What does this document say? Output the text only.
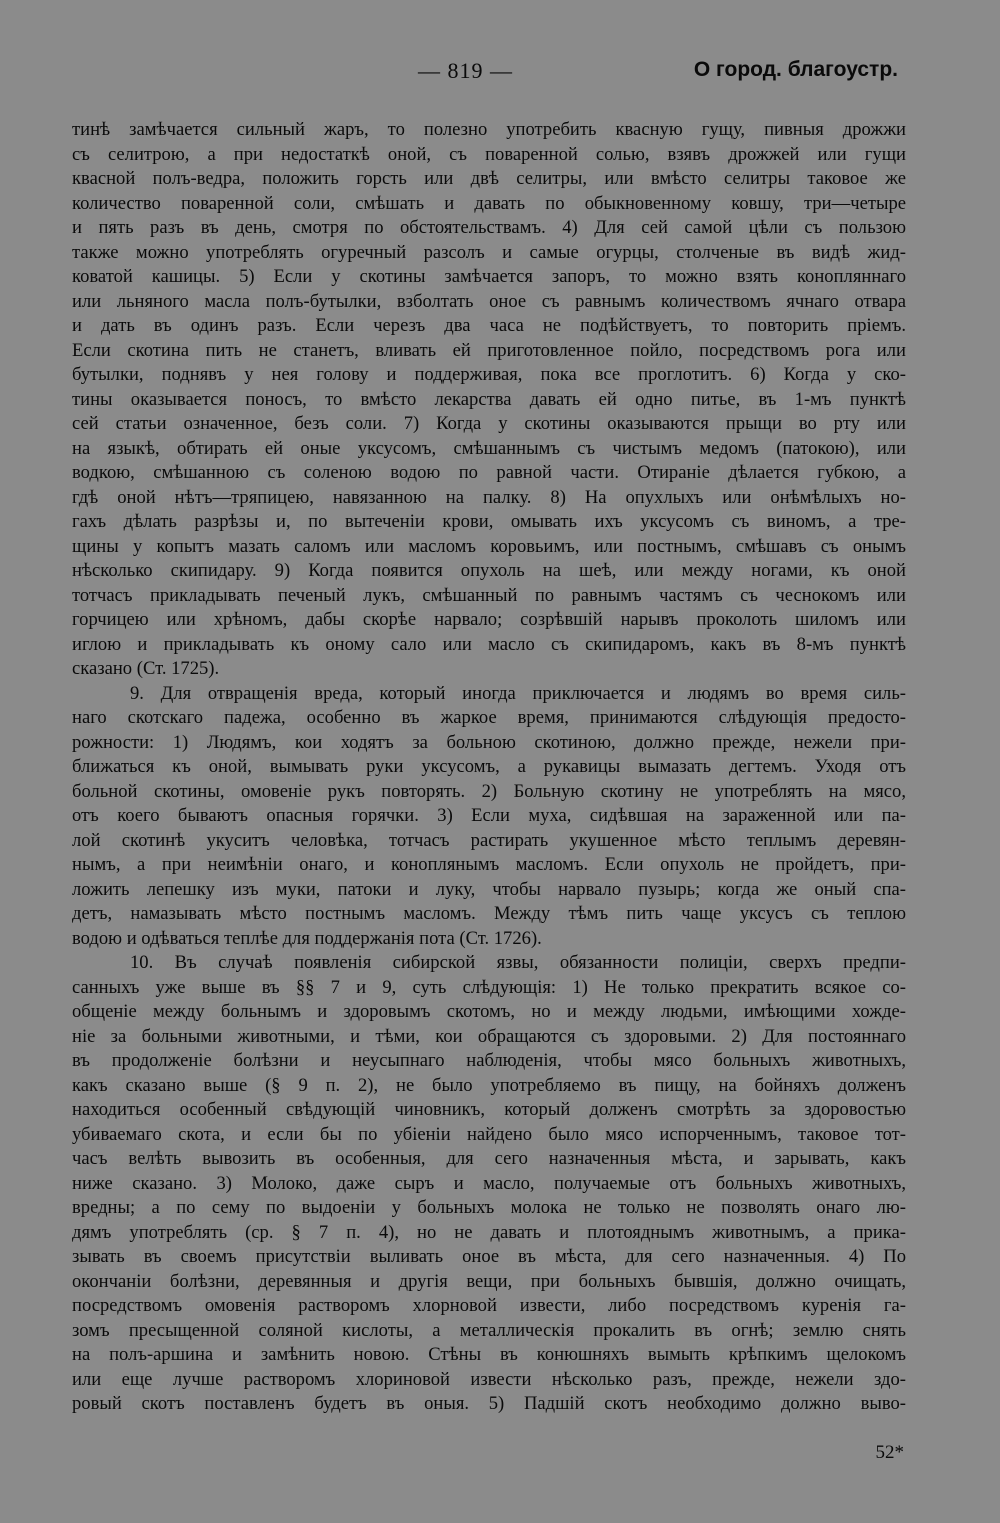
— 819 —	О город. благоустр.
тинѣ замѣчается сильный жаръ, то полезно употребить квасную гущу, пивныя дрожжи
съ селитрою, а при недостаткѣ оной, съ поваренной солью, взявъ дрожжей или гущи
квасной полъ-ведра, положить горсть или двѣ селитры, или вмѣсто селитры таковое же
количество поваренной соли, смѣшать и давать по обыкновенному ковшу, три—четыре
и пять разъ въ день, смотря по обстоятельствамъ. 4) Для сей самой цѣли съ пользою
также можно употреблять огуречный разсолъ и самые огурцы, столченые въ видѣ жид-
коватой кашицы. 5) Если у скотины замѣчается запоръ, то можно взять конопляннаго
или льняного масла полъ-бутылки, взболтать оное съ равнымъ количествомъ ячнаго отвара
и дать въ одинъ разъ. Если черезъ два часа не подѣйствуетъ, то повторить пріемъ.
Если скотина пить не станетъ, вливать ей приготовленное пойло, посредствомъ рога или
бутылки, поднявъ у нея голову и поддерживая, пока все проглотитъ. 6) Когда у ско-
тины оказывается поносъ, то вмѣсто лекарства давать ей одно питье, въ 1-мъ пунктѣ
сей статьи означенное, безъ соли. 7) Когда у скотины оказываются прыщи во рту или
на языкѣ, обтирать ей оные уксусомъ, смѣшаннымъ съ чистымъ медомъ (патокою), или
водкою, смѣшанною съ соленою водою по равной части. Отираніе дѣлается губкою, а
гдѣ оной нѣтъ—тряпицею, навязанною на палку. 8) На опухлыхъ или онѣмѣлыхъ но-
гахъ дѣлать разрѣзы и, по вытеченіи крови, омывать ихъ уксусомъ съ виномъ, а тре-
щины у копытъ мазать саломъ или масломъ коровьимъ, или постнымъ, смѣшавъ съ онымъ
нѣсколько скипидару. 9) Когда появится опухоль на шеѣ, или между ногами, къ оной
тотчасъ прикладывать печеный лукъ, смѣшанный по равнымъ частямъ съ чеснокомъ или
горчицею или хрѣномъ, дабы скорѣе нарвало; созрѣвшій нарывъ проколоть шиломъ или
иглою и прикладывать къ оному сало или масло съ скипидаромъ, какъ въ 8-мъ пунктѣ
сказано (Ст. 1725).
9. Для отвращенія вреда, который иногда приключается и людямъ во время силь-
наго скотскаго падежа, особенно въ жаркое время, принимаются слѣдующія предосто-
рожности: 1) Людямъ, кои ходятъ за больною скотиною, должно прежде, нежели при-
ближаться къ оной, вымывать руки уксусомъ, а рукавицы вымазать дегтемъ. Уходя отъ
больной скотины, омовеніе рукъ повторять. 2) Больную скотину не употреблять на мясо,
отъ коего бываютъ опасныя горячки. 3) Если муха, сидѣвшая на зараженной или па-
лой скотинѣ укуситъ человѣка, тотчасъ растирать укушенное мѣсто теплымъ деревян-
нымъ, а при неимѣніи онаго, и коноплянымъ масломъ. Если опухоль не пройдетъ, при-
ложить лепешку изъ муки, патоки и луку, чтобы нарвало пузырь; когда же оный спа-
детъ, намазывать мѣсто постнымъ масломъ. Между тѣмъ пить чаще уксусъ съ теплою
водою и одѣваться теплѣе для поддержанія пота (Ст. 1726).
10. Въ случаѣ появленія сибирской язвы, обязанности полиціи, сверхъ предпи-
санныхъ уже выше въ §§ 7 и 9, суть слѣдующія: 1) Не только прекратить всякое со-
общеніе между больнымъ и здоровымъ скотомъ, но и между людьми, имѣющими хожде-
ніе за больными животными, и тѣми, кои обращаются съ здоровыми. 2) Для постояннаго
въ продолженіе болѣзни и неусыпнаго наблюденія, чтобы мясо больныхъ животныхъ,
какъ сказано выше (§ 9 п. 2), не было употребляемо въ пищу, на бойняхъ долженъ
находиться особенный свѣдующій чиновникъ, который долженъ смотрѣть за здоровостью
убиваемаго скота, и если бы по убіеніи найдено было мясо испорченнымъ, таковое тот-
часъ велѣть вывозить въ особенныя, для сего назначенныя мѣста, и зарывать, какъ
ниже сказано. 3) Молоко, даже сыръ и масло, получаемые отъ больныхъ животныхъ,
вредны; а по сему по выдоеніи у больныхъ молока не только не позволять онаго лю-
дямъ употреблять (ср. § 7 п. 4), но не давать и плотояднымъ животнымъ, а прика-
зывать въ своемъ присутствіи выливать оное въ мѣста, для сего назначенныя. 4) По
окончаніи болѣзни, деревянныя и другія вещи, при больныхъ бывшія, должно очищать,
посредствомъ омовенія растворомъ хлорновой извести, либо посредствомъ куренія га-
зомъ пресыщенной соляной кислоты, а металлическія прокалить въ огнѣ; землю снять
на полъ-аршина и замѣнить новою. Стѣны въ конюшняхъ вымыть крѣпкимъ щелокомъ
или еще лучше растворомъ хлориновой извести нѣсколько разъ, прежде, нежели здо-
ровый скотъ поставленъ будетъ въ оныя. 5) Падшій скотъ необходимо должно выво-
52*
